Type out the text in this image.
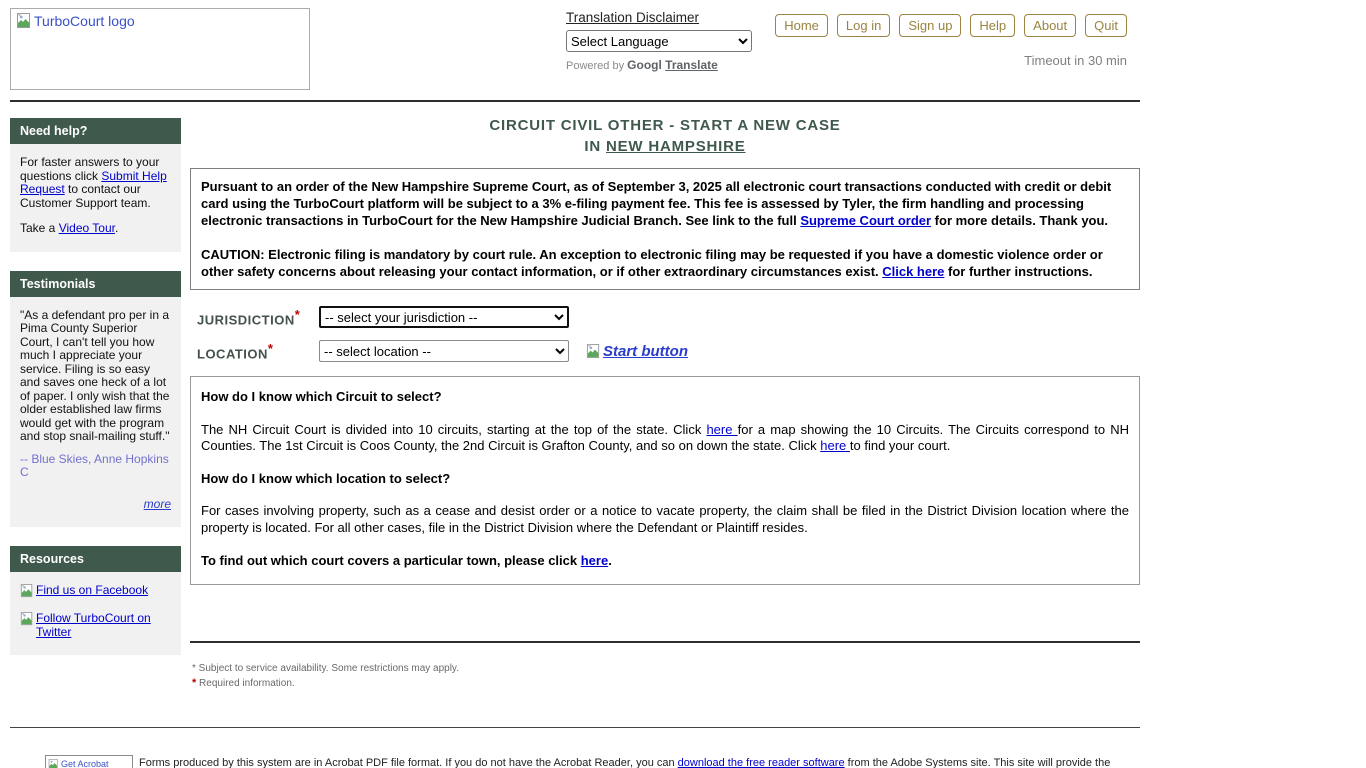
TurboCourt logo	Translation Disclaimer

Select Language
Powered by Googl Translate
Home	Log in	Sign up	Help	About	Quit
Timeout in 30 min
Need help?

For faster answers to your questions click Submit Help Request to contact our Customer Support team.

Take a Video Tour.

Testimonials
"As a defendant pro per in a Pima County Superior Court, I can't tell you how much I appreciate your service. Filing is so easy and saves one heck of a lot of paper. I only wish that the older established law firms would get with the program and stop snail-mailing stuff."
-- Blue Skies, Anne Hopkins C
more
Resources
Find us on Facebook
Follow TurboCourt on Twitter
CIRCUIT CIVIL OTHER - START A NEW CASE
IN NEW HAMPSHIRE

Pursuant to an order of the New Hampshire Supreme Court, as of September 3, 2025 all electronic court transactions conducted with credit or debit card using the TurboCourt platform will be subject to a 3% e-filing payment fee. This fee is assessed by Tyler, the firm handling and processing electronic transactions in TurboCourt for the New Hampshire Judicial Branch. See link to the full Supreme Court order for more details. Thank you.

CAUTION: Electronic filing is mandatory by court rule. An exception to electronic filing may be requested if you have a domestic violence order or other safety concerns about releasing your contact information, or if other extraordinary circumstances exist. Click here for further instructions.

JURISDICTION*
-- select your jurisdiction --
LOCATION*
-- select location --	Start button
How do I know which Circuit to select?
The NH Circuit Court is divided into 10 circuits, starting at the top of the state. Click here for a map showing the 10 Circuits. The Circuits correspond to NH Counties. The 1st Circuit is Coos County, the 2nd Circuit is Grafton County, and so on down the state. Click here to find your court.
How do I know which location to select?
For cases involving property, such as a cease and desist order or a notice to vacate property, the claim shall be filed in the District Division location where the property is located. For all other cases, file in the District Division where the Defendant or Plaintiff resides.
To find out which court covers a particular town, please click here.
* Subject to service availability. Some restrictions may apply.
* Required information.
Get Acrobat	Forms produced by this system are in Acrobat PDF file format. If you do not have the Acrobat Reader, you can download the free reader software from the Adobe Systems site. This site will provide the
